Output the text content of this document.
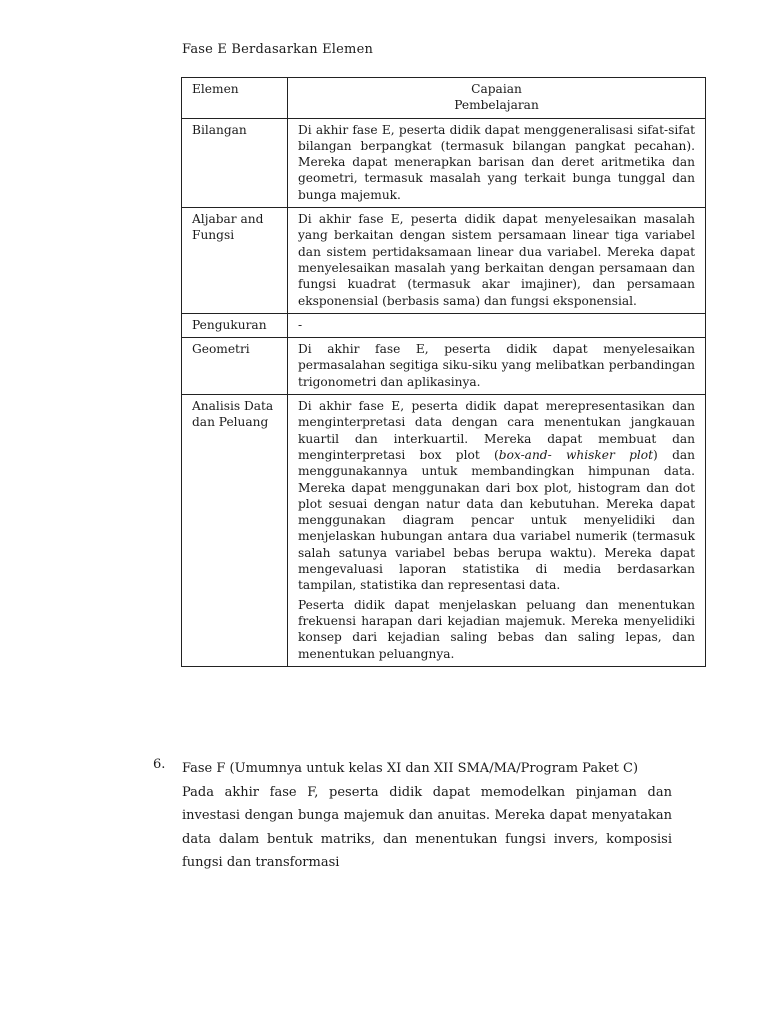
Fase E Berdasarkan Elemen
Elemen	Capaian
Pembelajaran

Bilangan	Di akhir fase E, peserta didik dapat menggeneralisasi sifat-sifat bilangan berpangkat (termasuk bilangan pangkat pecahan). Mereka dapat menerapkan barisan dan deret aritmetika dan geometri, termasuk masalah yang terkait bunga tunggal dan bunga majemuk.

Aljabar and Fungsi	Di akhir fase E, peserta didik dapat menyelesaikan masalah yang berkaitan dengan sistem persamaan linear tiga variabel dan sistem pertidaksamaan linear dua variabel. Mereka dapat menyelesaikan masalah yang berkaitan dengan persamaan dan fungsi kuadrat (termasuk akar imajiner), dan persamaan eksponensial (berbasis sama) dan fungsi eksponensial.

Pengukuran	-

Geometri	Di akhir fase E, peserta didik dapat menyelesaikan permasalahan segitiga siku-siku yang melibatkan perbandingan trigonometri dan aplikasinya.

Analisis Data dan Peluang	Di akhir fase E, peserta didik dapat merepresentasikan dan menginterpretasi data dengan cara menentukan jangkauan kuartil dan interkuartil. Mereka dapat membuat dan menginterpretasi box plot (box-and- whisker plot) dan menggunakannya untuk membandingkan himpunan data. Mereka dapat menggunakan dari box plot, histogram dan dot plot sesuai dengan natur data dan kebutuhan. Mereka dapat menggunakan diagram pencar untuk menyelidiki dan menjelaskan hubungan antara dua variabel numerik (termasuk salah satunya variabel bebas berupa waktu). Mereka dapat mengevaluasi laporan statistika di media berdasarkan tampilan, statistika dan representasi data.
Peserta didik dapat menjelaskan peluang dan menentukan frekuensi harapan dari kejadian majemuk. Mereka menyelidiki konsep dari kejadian saling bebas dan saling lepas, dan menentukan peluangnya.
6. Fase F (Umumnya untuk kelas XI dan XII SMA/MA/Program Paket C)
Pada akhir fase F, peserta didik dapat memodelkan pinjaman dan investasi dengan bunga majemuk dan anuitas. Mereka dapat menyatakan data dalam bentuk matriks, dan menentukan fungsi invers, komposisi fungsi dan transformasi
